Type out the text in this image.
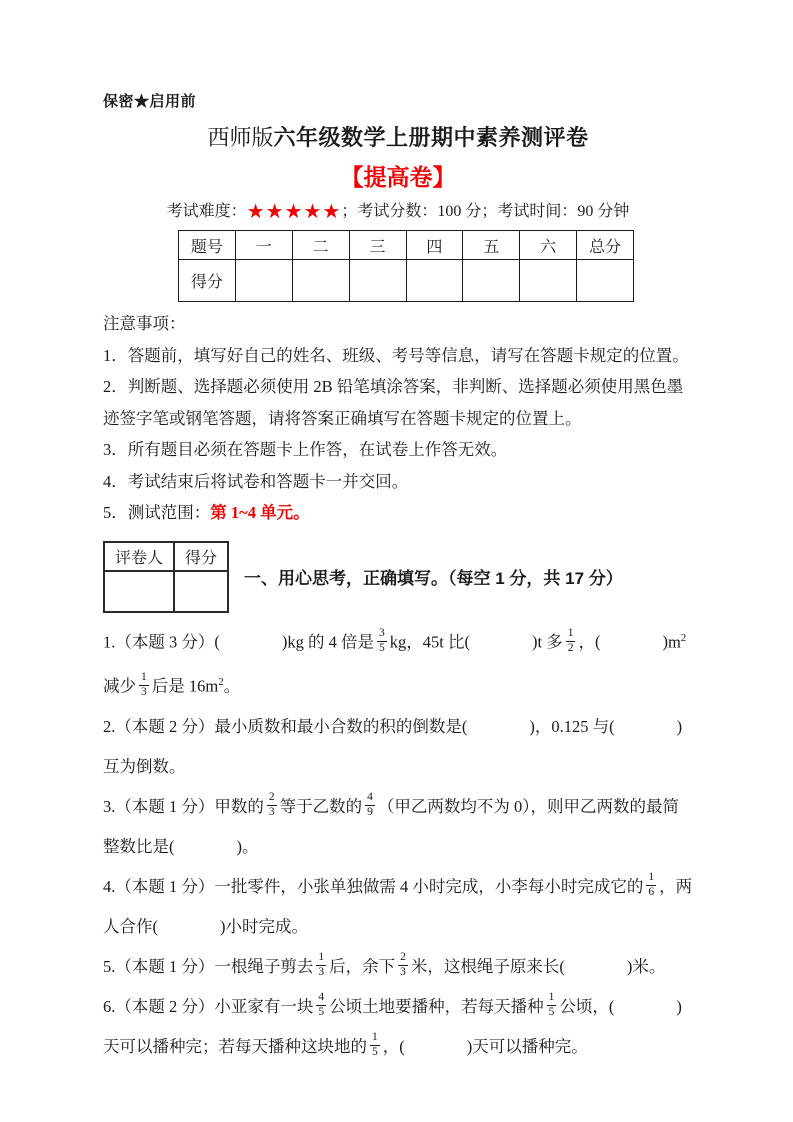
保密★启用前
西师版六年级数学上册期中素养测评卷
【提高卷】
考试难度：★★★★★；考试分数：100 分；考试时间：90 分钟
题号	一	二	三	四	五	六	总分
得分							

注意事项：

1．答题前，填写好自己的姓名、班级、考号等信息，请写在答题卡规定的位置。

2．判断题、选择题必须使用 2B 铅笔填涂答案，非判断、选择题必须使用黑色墨迹签字笔或钢笔答题，请将答案正确填写在答题卡规定的位置上。

3．所有题目必须在答题卡上作答，在试卷上作答无效。

4．考试结束后将试卷和答题卡一并交回。

5．测试范围：第 1~4 单元。

评卷人	得分

一、用心思考，正确填写。（每空 1 分，共 17 分）

1.（本题 3 分）(	)kg 的 4 倍是 $\frac{3}{5}$ kg，45t 比(	)t 多 $\frac{1}{2}$ ，(	)$m^2$ 减少 $\frac{1}{3}$ 后是 $16m^2$。

2.（本题 2 分）最小质数和最小合数的积的倒数是(	)，0.125 与(	) 互为倒数。

3.（本题 1 分）甲数的 $\frac{2}{3}$ 等于乙数的 $\frac{4}{9}$ （甲乙两数均不为 0），则甲乙两数的最简整数比是(	)。

4.（本题 1 分）一批零件，小张单独做需 4 小时完成，小李每小时完成它的 $\frac{1}{6}$ ，两人合作(	)小时完成。

5.（本题 1 分）一根绳子剪去 $\frac{1}{3}$ 后，余下 $\frac{2}{3}$ 米，这根绳子原来长(	)米。

6.（本题 2 分）小亚家有一块 $\frac{4}{5}$ 公顷土地要播种，若每天播种 $\frac{1}{5}$ 公顷，(	)天可以播种完；若每天播种这块地的 $\frac{1}{5}$ ，(	)天可以播种完。
